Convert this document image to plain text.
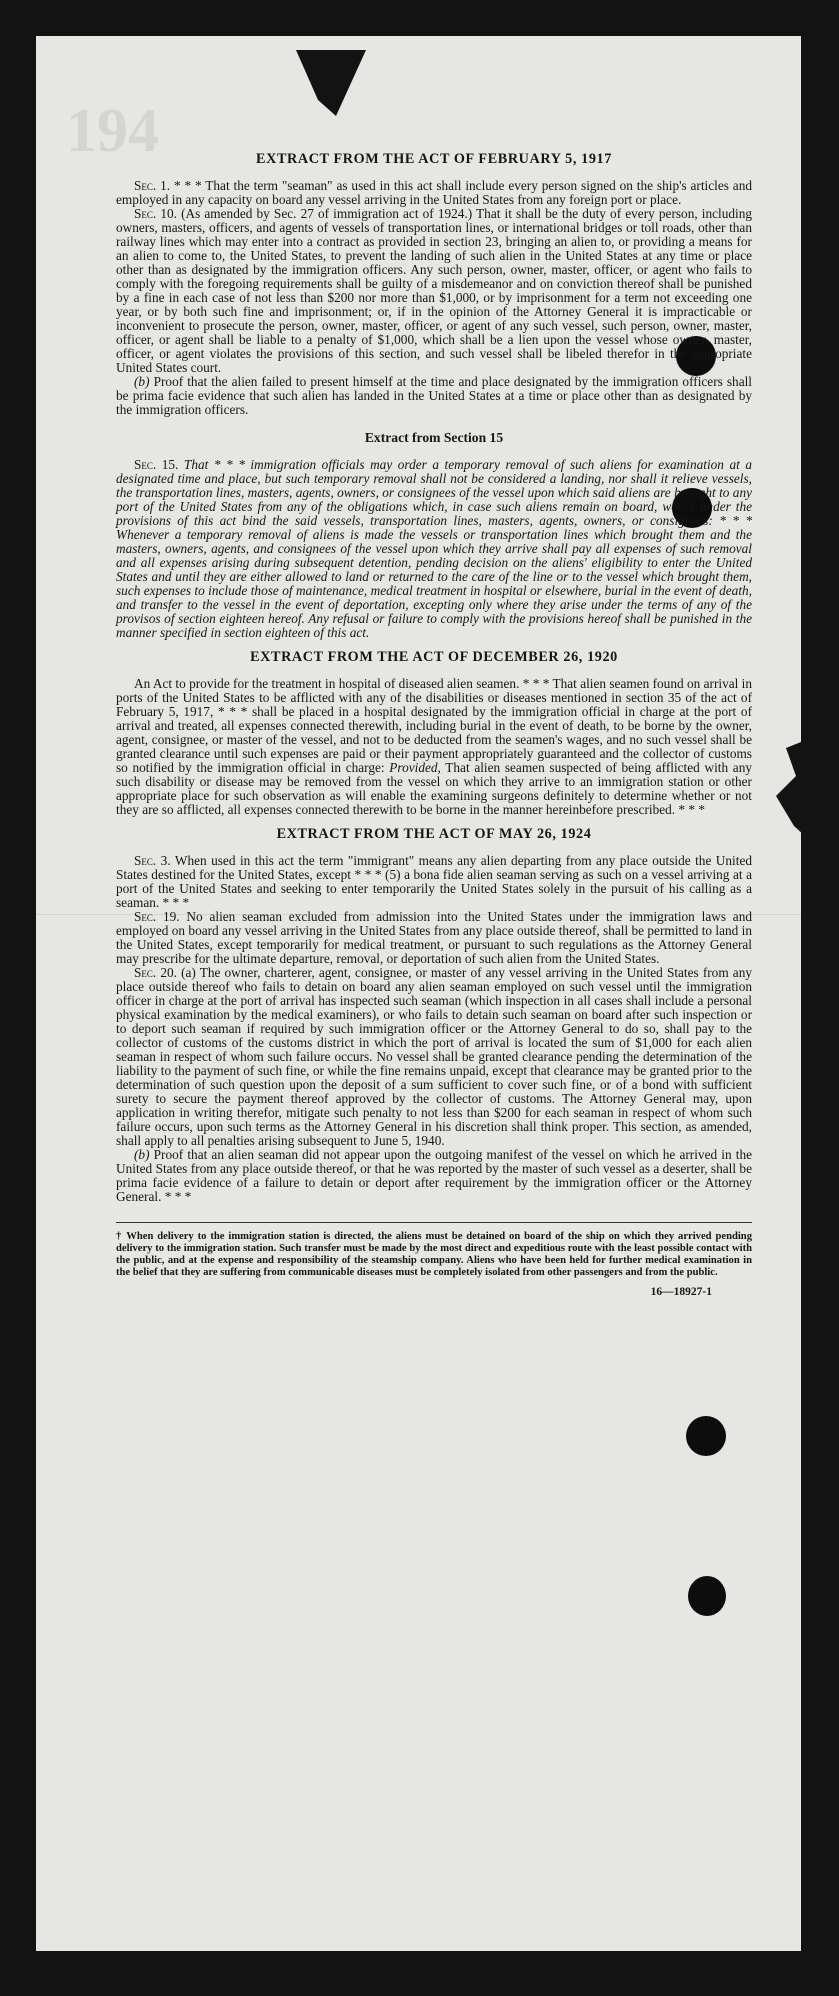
194	EXTRACT FROM THE ACT OF FEBRUARY 5, 1917

Sec. 1. * * * That the term "seaman" as used in this act shall include every person signed on the ship's articles and employed in any capacity on board any vessel arriving in the United States from any foreign port or place.

Sec. 10. (As amended by Sec. 27 of immigration act of 1924.) That it shall be the duty of every person, including owners, masters, officers, and agents of vessels of transportation lines, or international bridges or toll roads, other than railway lines which may enter into a contract as provided in section 23, bringing an alien to, or providing a means for an alien to come to, the United States, to prevent the landing of such alien in the United States at any time or place other than as designated by the immigration officers. Any such person, owner, master, officer, or agent who fails to comply with the foregoing requirements shall be guilty of a misdemeanor and on conviction thereof shall be punished by a fine in each case of not less than $200 nor more than $1,000, or by imprisonment for a term not exceeding one year, or by both such fine and imprisonment; or, if in the opinion of the Attorney General it is impracticable or inconvenient to prosecute the person, owner, master, officer, or agent of any such vessel, such person, owner, master, officer, or agent shall be liable to a penalty of $1,000, which shall be a lien upon the vessel whose owner, master, officer, or agent violates the provisions of this section, and such vessel shall be libeled therefor in the appropriate United States court.

(b) Proof that the alien failed to present himself at the time and place designated by the immigration officers shall be prima facie evidence that such alien has landed in the United States at a time or place other than as designated by the immigration officers.

Extract from Section 15

Sec. 15. That * * * immigration officials may order a temporary removal of such aliens for examination at a designated time and place, but such temporary removal shall not be considered a landing, nor shall it relieve vessels, the transportation lines, masters, agents, owners, or consignees of the vessel upon which said aliens are brought to any port of the United States from any of the obligations which, in case such aliens remain on board, would under the provisions of this act bind the said vessels, transportation lines, masters, agents, owners, or consignees: * * * Whenever a temporary removal of aliens is made the vessels or transportation lines which brought them and the masters, owners, agents, and consignees of the vessel upon which they arrive shall pay all expenses of such removal and all expenses arising during subsequent detention, pending decision on the aliens' eligibility to enter the United States and until they are either allowed to land or returned to the care of the line or to the vessel which brought them, such expenses to include those of maintenance, medical treatment in hospital or elsewhere, burial in the event of death, and transfer to the vessel in the event of deportation, excepting only where they arise under the terms of any of the provisos of section eighteen hereof. Any refusal or failure to comply with the provisions hereof shall be punished in the manner specified in section eighteen of this act.

EXTRACT FROM THE ACT OF DECEMBER 26, 1920

An Act to provide for the treatment in hospital of diseased alien seamen. * * * That alien seamen found on arrival in ports of the United States to be afflicted with any of the disabilities or diseases mentioned in section 35 of the act of February 5, 1917, * * * shall be placed in a hospital designated by the immigration official in charge at the port of arrival and treated, all expenses connected therewith, including burial in the event of death, to be borne by the owner, agent, consignee, or master of the vessel, and not to be deducted from the seamen's wages, and no such vessel shall be granted clearance until such expenses are paid or their payment appropriately guaranteed and the collector of customs so notified by the immigration official in charge: Provided, That alien seamen suspected of being afflicted with any such disability or disease may be removed from the vessel on which they arrive to an immigration station or other appropriate place for such observation as will enable the examining surgeons definitely to determine whether or not they are so afflicted, all expenses connected therewith to be borne in the manner hereinbefore prescribed. * * *

EXTRACT FROM THE ACT OF MAY 26, 1924

Sec. 3. When used in this act the term "immigrant" means any alien departing from any place outside the United States destined for the United States, except * * * (5) a bona fide alien seaman serving as such on a vessel arriving at a port of the United States and seeking to enter temporarily the United States solely in the pursuit of his calling as a seaman. * * *

Sec. 19. No alien seaman excluded from admission into the United States under the immigration laws and employed on board any vessel arriving in the United States from any place outside thereof, shall be permitted to land in the United States, except temporarily for medical treatment, or pursuant to such regulations as the Attorney General may prescribe for the ultimate departure, removal, or deportation of such alien from the United States.

Sec. 20. (a) The owner, charterer, agent, consignee, or master of any vessel arriving in the United States from any place outside thereof who fails to detain on board any alien seaman employed on such vessel until the immigration officer in charge at the port of arrival has inspected such seaman (which inspection in all cases shall include a personal physical examination by the medical examiners), or who fails to detain such seaman on board after such inspection or to deport such seaman if required by such immigration officer or the Attorney General to do so, shall pay to the collector of customs of the customs district in which the port of arrival is located the sum of $1,000 for each alien seaman in respect of whom such failure occurs. No vessel shall be granted clearance pending the determination of the liability to the payment of such fine, or while the fine remains unpaid, except that clearance may be granted prior to the determination of such question upon the deposit of a sum sufficient to cover such fine, or of a bond with sufficient surety to secure the payment thereof approved by the collector of customs. The Attorney General may, upon application in writing therefor, mitigate such penalty to not less than $200 for each seaman in respect of whom such failure occurs, upon such terms as the Attorney General in his discretion shall think proper. This section, as amended, shall apply to all penalties arising subsequent to June 5, 1940.

(b) Proof that an alien seaman did not appear upon the outgoing manifest of the vessel on which he arrived in the United States from any place outside thereof, or that he was reported by the master of such vessel as a deserter, shall be prima facie evidence of a failure to detain or deport after requirement by the immigration officer or the Attorney General. * * *

† When delivery to the immigration station is directed, the aliens must be detained on board of the ship on which they arrived pending delivery to the immigration station. Such transfer must be made by the most direct and expeditious route with the least possible contact with the public, and at the expense and responsibility of the steamship company. Aliens who have been held for further medical examination in the belief that they are suffering from communicable diseases must be completely isolated from other passengers and from the public.
16—18927-1
